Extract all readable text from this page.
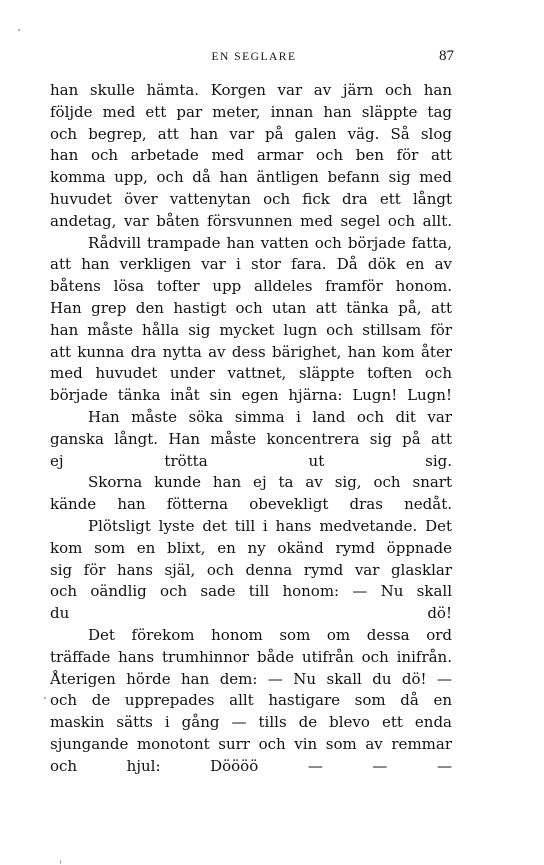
EN SEGLARE	87

han skulle hämta. Korgen var av järn och han
följde med ett par meter, innan han släppte tag
och begrep, att han var på galen väg. Så slog
han och arbetade med armar och ben för att
komma upp, och då han äntligen befann sig med
huvudet över vattenytan och fick dra ett långt
andetag, var båten försvunnen med segel och allt.

Rådvill trampade han vatten och började fatta,
att han verkligen var i stor fara. Då dök en av
båtens lösa tofter upp alldeles framför honom.
Han grep den hastigt och utan att tänka på, att
han måste hålla sig mycket lugn och stillsam för
att kunna dra nytta av dess bärighet, han kom åter
med huvudet under vattnet, släppte toften och
började tänka inåt sin egen hjärna: Lugn! Lugn!

Han måste söka simma i land och dit var
ganska långt. Han måste koncentrera sig på att
ej trötta ut sig.

Skorna kunde han ej ta av sig, och snart
kände han fötterna obevekligt dras nedåt.

Plötsligt lyste det till i hans medvetande. Det
kom som en blixt, en ny okänd rymd öppnade
sig för hans själ, och denna rymd var glasklar
och oändlig och sade till honom: — Nu skall
du dö!

Det förekom honom som om dessa ord
träffade hans trumhinnor både utifrån och inifrån.
Återigen hörde han dem: — Nu skall du dö! —
och de upprepades allt hastigare som då en
maskin sätts i gång — tills de blevo ett enda
sjungande monotont surr och vin som av remmar
och hjul: Döööö — — —
